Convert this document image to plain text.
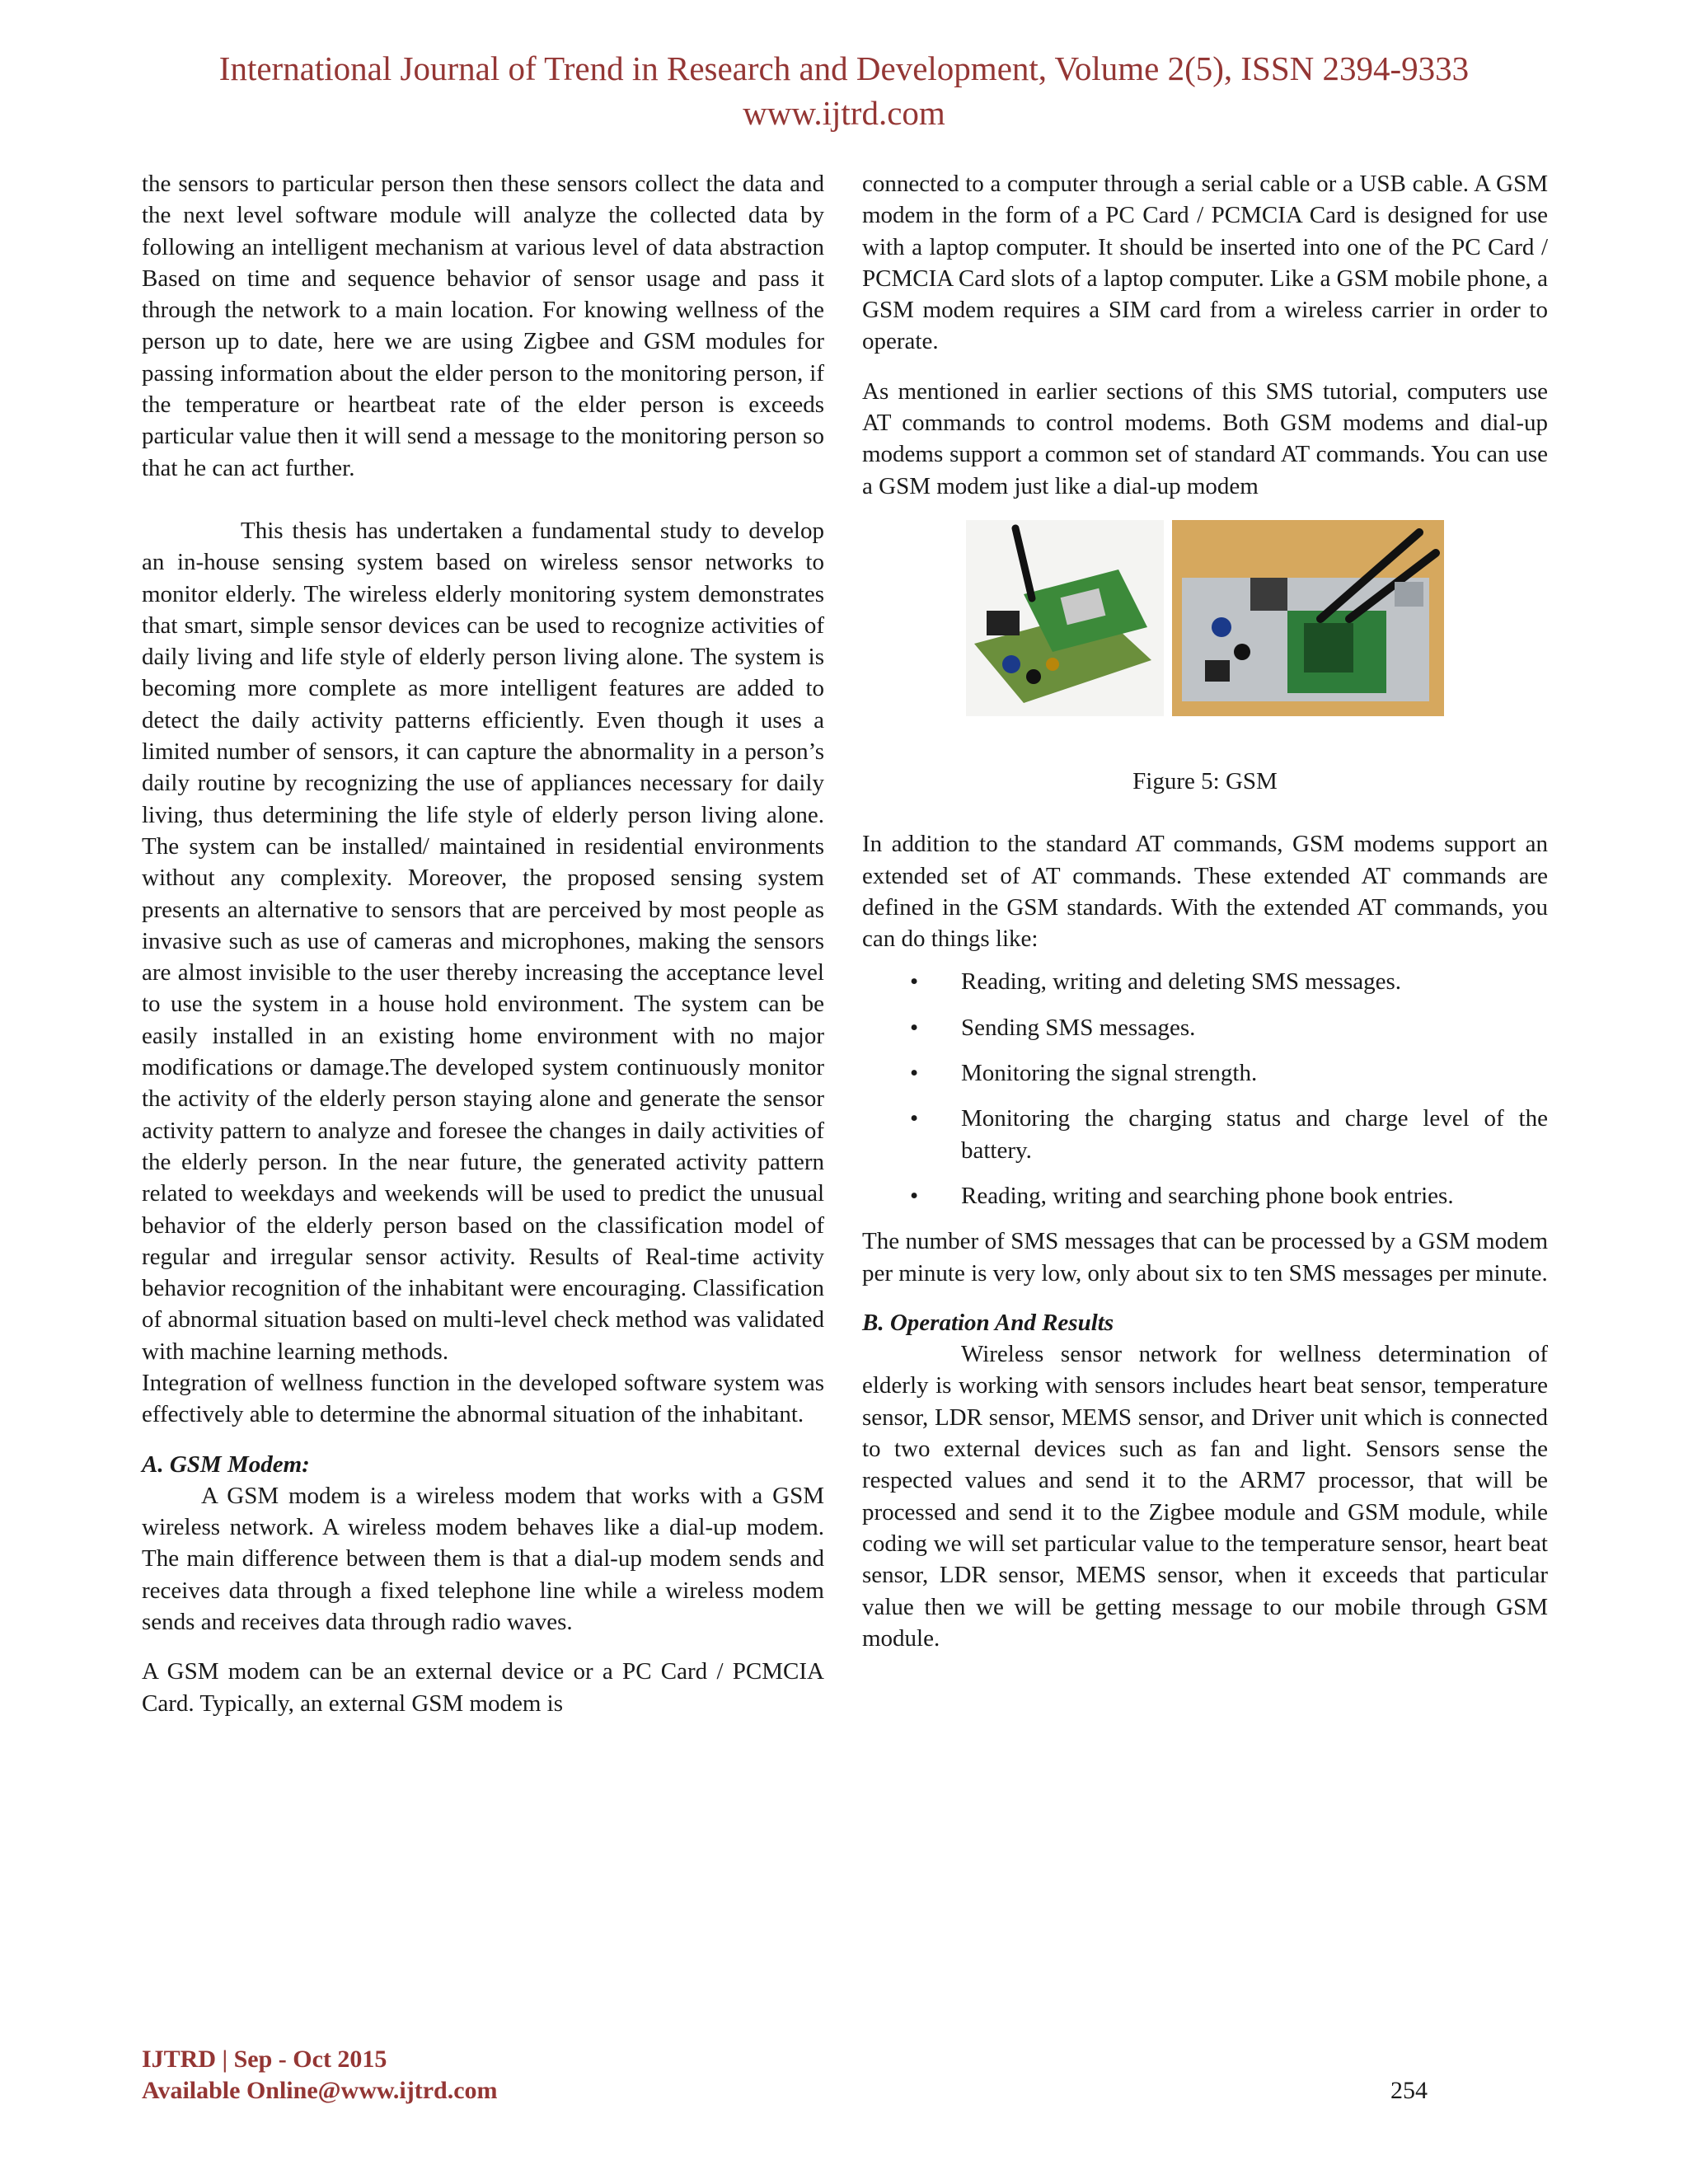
International Journal of Trend in Research and Development, Volume 2(5), ISSN 2394-9333
www.ijtrd.com

the sensors to particular person then these sensors collect the data and the next level software module will analyze the collected data by following an intelligent mechanism at various level of data abstraction Based on time and sequence behavior of sensor usage and pass it through the network to a main location. For knowing wellness of the person up to date, here we are using Zigbee and GSM modules for passing information about the elder person to the monitoring person, if the temperature or heartbeat rate of the elder person is exceeds particular value then it will send a message to the monitoring person so that he can act further.

This thesis has undertaken a fundamental study to develop an in-house sensing system based on wireless sensor networks to monitor elderly. The wireless elderly monitoring system demonstrates that smart, simple sensor devices can be used to recognize activities of daily living and life style of elderly person living alone. The system is becoming more complete as more intelligent features are added to detect the daily activity patterns efficiently. Even though it uses a limited number of sensors, it can capture the abnormality in a person’s daily routine by recognizing the use of appliances necessary for daily living, thus determining the life style of elderly person living alone. The system can be installed/ maintained in residential environments without any complexity. Moreover, the proposed sensing system presents an alternative to sensors that are perceived by most people as invasive such as use of cameras and microphones, making the sensors are almost invisible to the user thereby increasing the acceptance level to use the system in a house hold environment. The system can be easily installed in an existing home environment with no major modifications or damage.The developed system continuously monitor the activity of the elderly person staying alone and generate the sensor activity pattern to analyze and foresee the changes in daily activities of the elderly person. In the near future, the generated activity pattern related to weekdays and weekends will be used to predict the unusual behavior of the elderly person based on the classification model of regular and irregular sensor activity. Results of Real-time activity behavior recognition of the inhabitant were encouraging. Classification of abnormal situation based on multi-level check method was validated with machine learning methods.

Integration of wellness function in the developed software system was effectively able to determine the abnormal situation of the inhabitant.

A. GSM Modem:

A GSM modem is a wireless modem that works with a GSM wireless network. A wireless modem behaves like a dial-up modem. The main difference between them is that a dial-up modem sends and receives data through a fixed telephone line while a wireless modem sends and receives data through radio waves.

A GSM modem can be an external device or a PC Card / PCMCIA Card. Typically, an external GSM modem is

connected to a computer through a serial cable or a USB cable. A GSM modem in the form of a PC Card / PCMCIA Card is designed for use with a laptop computer. It should be inserted into one of the PC Card / PCMCIA Card slots of a laptop computer. Like a GSM mobile phone, a GSM modem requires a SIM card from a wireless carrier in order to operate.

As mentioned in earlier sections of this SMS tutorial, computers use AT commands to control modems. Both GSM modems and dial-up modems support a common set of standard AT commands. You can use a GSM modem just like a dial-up modem

Figure 5: GSM

In addition to the standard AT commands, GSM modems support an extended set of AT commands. These extended AT commands are defined in the GSM standards. With the extended AT commands, you can do things like:

• Reading, writing and deleting SMS messages.
• Sending SMS messages.
• Monitoring the signal strength.
• Monitoring the charging status and charge level of the battery.
• Reading, writing and searching phone book entries.

The number of SMS messages that can be processed by a GSM modem per minute is very low, only about six to ten SMS messages per minute.

B. Operation And Results

Wireless sensor network for wellness determination of elderly is working with sensors includes heart beat sensor, temperature sensor, LDR sensor, MEMS sensor, and Driver unit which is connected to two external devices such as fan and light. Sensors sense the respected values and send it to the ARM7 processor, that will be processed and send it to the Zigbee module and GSM module, while coding we will set particular value to the temperature sensor, heart beat sensor, LDR sensor, MEMS sensor, when it exceeds that particular value then we will be getting message to our mobile through GSM module.

IJTRD | Sep - Oct 2015
Available Online@www.ijtrd.com	254
